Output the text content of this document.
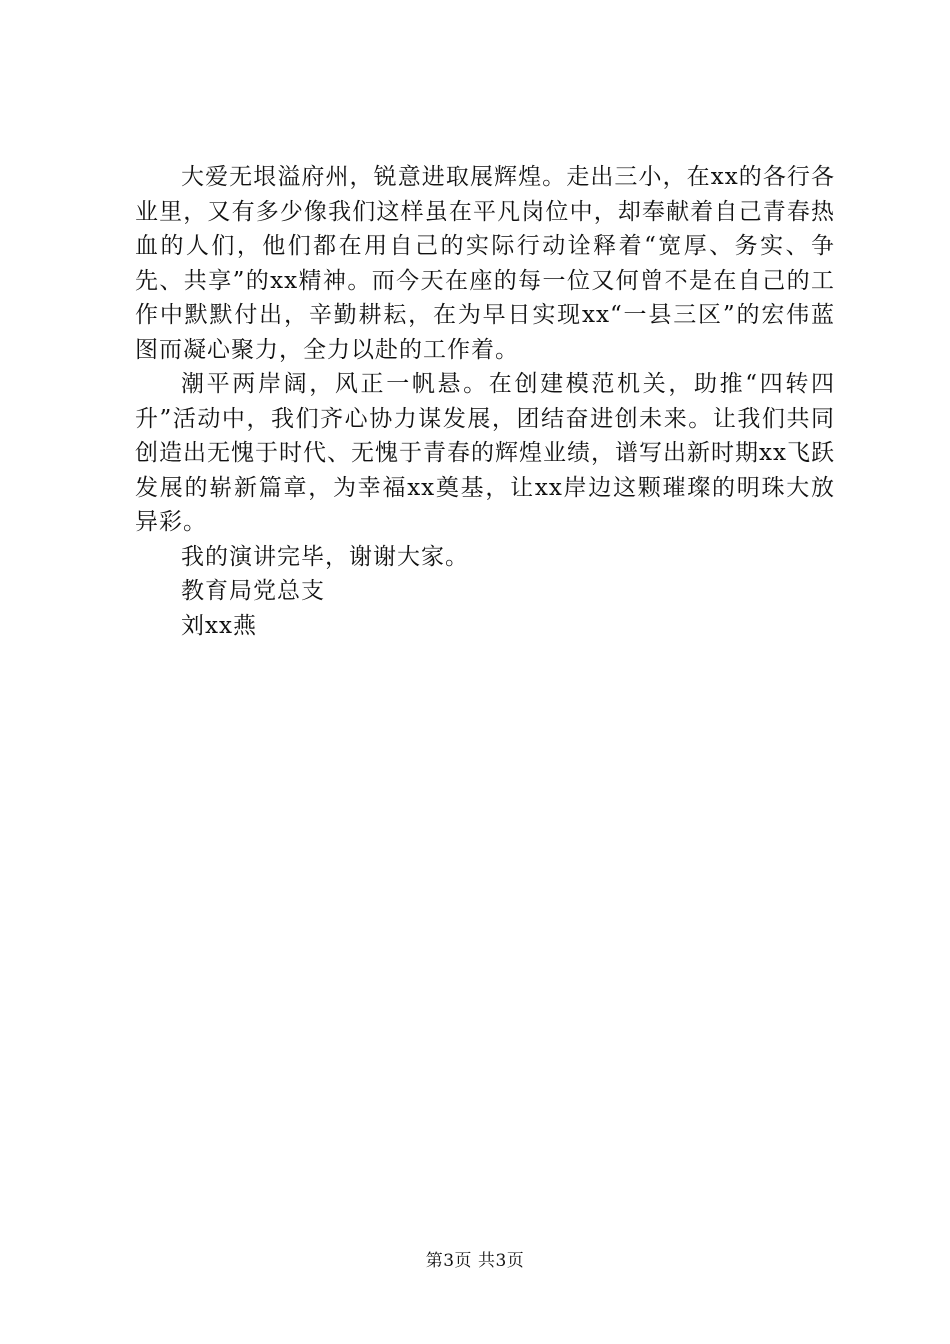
大爱无垠溢府州，锐意进取展辉煌。走出三小，在xx的各行各业里，又有多少像我们这样虽在平凡岗位中，却奉献着自己青春热血的人们，他们都在用自己的实际行动诠释着“宽厚、务实、争先、共享”的xx精神。而今天在座的每一位又何曾不是在自己的工作中默默付出，辛勤耕耘，在为早日实现xx“一县三区”的宏伟蓝图而凝心聚力，全力以赴的工作着。

潮平两岸阔，风正一帆悬。在创建模范机关，助推“四转四升”活动中，我们齐心协力谋发展，团结奋进创未来。让我们共同创造出无愧于时代、无愧于青春的辉煌业绩，谱写出新时期xx飞跃发展的崭新篇章，为幸福xx奠基，让xx岸边这颗璀璨的明珠大放异彩。

我的演讲完毕，谢谢大家。

教育局党总支

刘xx燕

第3页 共3页
